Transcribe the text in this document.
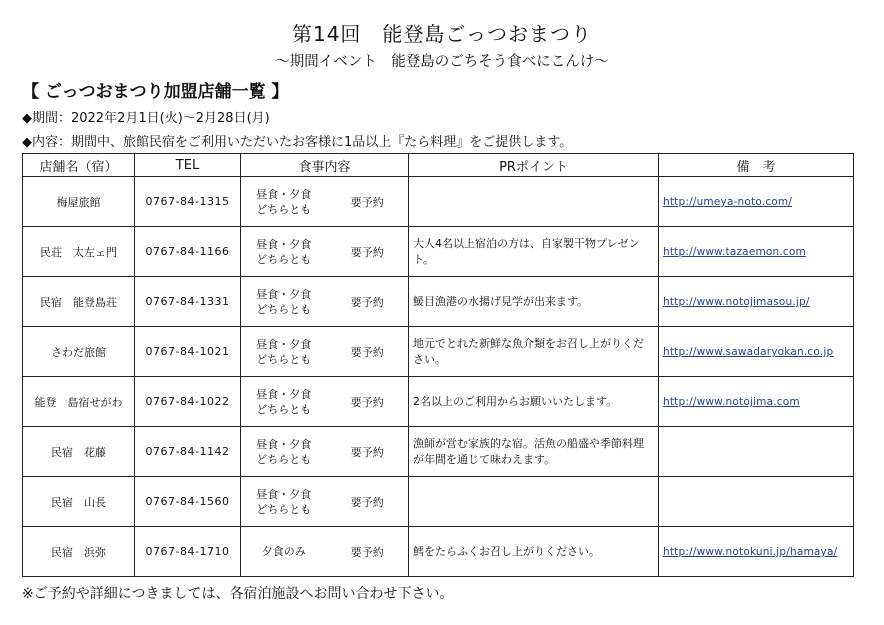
第14回　能登島ごっつおまつり
～期間イベント　能登島のごちそう食べにこんけ～
【 ごっつおまつり加盟店舗一覧 】
◆期間：2022年2月1日(火)～2月28日(月)
◆内容：期間中、旅館民宿をご利用いただいたお客様に1品以上『たら料理』をご提供します。
店舗名（宿）	TEL	食事内容		PRポイント	備　考
梅屋旅館	0767-84-1315	昼食・夕食
どちらとも	要予約		http://umeya-noto.com/
民荘　太左ェ門	0767-84-1166	昼食・夕食
どちらとも	要予約	大人4名以上宿泊の方は、自家製干物プレゼント。	http://www.tazaemon.com
民宿　能登島荘	0767-84-1331	昼食・夕食
どちらとも	要予約	鰀目漁港の水揚げ見学が出来ます。	http://www.notojimasou.jp/
さわだ旅館	0767-84-1021	昼食・夕食
どちらとも	要予約	地元でとれた新鮮な魚介類をお召し上がりください。	http://www.sawadaryokan.co.jp
能登　島宿せがわ	0767-84-1022	昼食・夕食
どちらとも	要予約	2名以上のご利用からお願いいたします。	http://www.notojima.com
民宿　花藤	0767-84-1142	昼食・夕食
どちらとも	要予約	漁師が営む家族的な宿。活魚の船盛や季節料理が年間を通じて味わえます。	
民宿　山長	0767-84-1560	昼食・夕食
どちらとも	要予約		
民宿　浜弥	0767-84-1710	夕食のみ	要予約	鱈をたらふくお召し上がりください。	http://www.notokuni.jp/hamaya/
※ご予約や詳細につきましては、各宿泊施設へお問い合わせ下さい。
